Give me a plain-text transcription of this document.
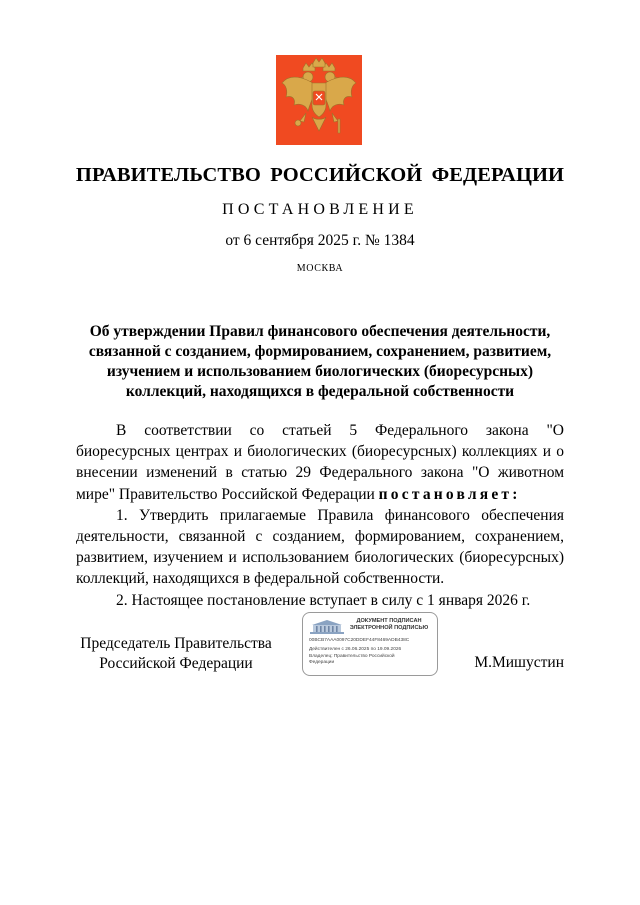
ПРАВИТЕЛЬСТВО РОССИЙСКОЙ ФЕДЕРАЦИИ
ПОСТАНОВЛЕНИЕ
от 6 сентября 2025 г. № 1384
МОСКВА
Об утверждении Правил финансового обеспечения деятельности,
связанной с созданием, формированием, сохранением, развитием,
изучением и использованием биологических (биоресурсных)
коллекций, находящихся в федеральной собственности

В соответствии со статьей 5 Федерального закона "О биоресурсных центрах и биологических (биоресурсных) коллекциях и о внесении изменений в статью 29 Федерального закона "О животном мире" Правительство Российской Федерации постановляет:

1. Утвердить прилагаемые Правила финансового обеспечения деятельности, связанной с созданием, формированием, сохранением, развитием, изучением и использованием биологических (биоресурсных) коллекций, находящихся в федеральной собственности.

2. Настоящее постановление вступает в силу с 1 января 2026 г.

Председатель Правительства
Российской Федерации
ДОКУМЕНТ ПОДПИСАН
ЭЛЕКТРОННОЙ ПОДПИСЬЮ
00BCB7AAA0097C20DDEF44F8469ADB438C
Действителен с 26.06.2025 по 19.09.2026
Владелец: Правительство Российской
Федерации	М.Мишустин
